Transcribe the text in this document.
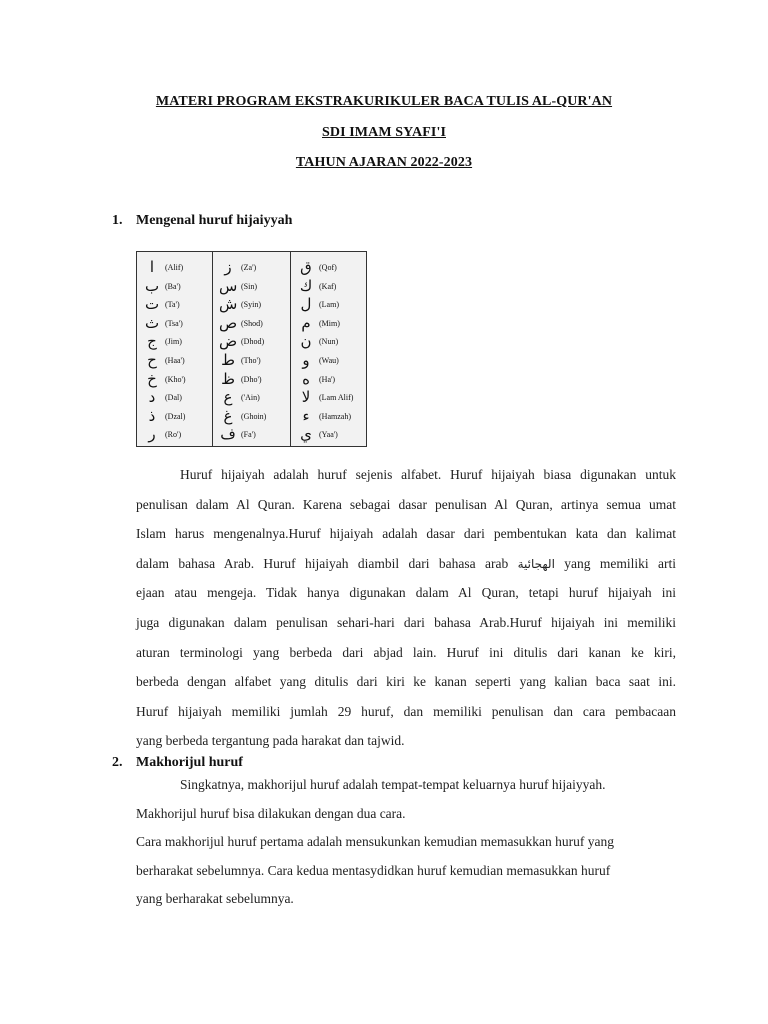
MATERI PROGRAM EKSTRAKURIKULER BACA TULIS AL-QUR'AN
SDI IMAM SYAFI'I
TAHUN AJARAN 2022-2023
1. Mengenal huruf hijaiyyah
ا	(Alif)
ب (Ba')
ت (Ta')
ث (Tsa')
ج	(Jim)
ح	(Haa')
خ	(Kho')
د	(Dal)
ذ	(Dzal)
ر	(Ro')
ز	(Za')
س (Sin)
ش (Syin)
ص (Shod)
ض (Dhod)
ط (Tho')
ظ (Dho')
ع	('Ain)
غ	(Ghoin)
ف (Fa')
ق (Qof)
ك (Kaf)
ل (Lam)
م	(Mim)
ن (Nun)
و	(Wau)
ه	(Ha')
لا	(Lam Alif)
ء	(Hamzah)
ي (Yaa')
Huruf hijaiyah adalah huruf sejenis alfabet. Huruf hijaiyah biasa digunakan untuk
penulisan dalam Al Quran. Karena sebagai dasar penulisan Al Quran, artinya semua umat
Islam harus mengenalnya.Huruf hijaiyah adalah dasar dari pembentukan kata dan kalimat
dalam bahasa Arab. Huruf hijaiyah diambil dari bahasa arab الهجائية yang memiliki arti
ejaan atau mengeja. Tidak hanya digunakan dalam Al Quran, tetapi huruf hijaiyah ini
juga digunakan dalam penulisan sehari-hari dari bahasa Arab.Huruf hijaiyah ini memiliki
aturan terminologi yang berbeda dari abjad lain. Huruf ini ditulis dari kanan ke kiri,
berbeda dengan alfabet yang ditulis dari kiri ke kanan seperti yang kalian baca saat ini.
Huruf hijaiyah memiliki jumlah 29 huruf, dan memiliki penulisan dan cara pembacaan
yang berbeda tergantung pada harakat dan tajwid.
2. Makhorijul huruf
Singkatnya, makhorijul huruf adalah tempat-tempat keluarnya huruf hijaiyyah.
Makhorijul huruf bisa dilakukan dengan dua cara.
Cara makhorijul huruf pertama adalah mensukunkan kemudian memasukkan huruf yang
berharakat sebelumnya. Cara kedua mentasydidkan huruf kemudian memasukkan huruf
yang berharakat sebelumnya.
